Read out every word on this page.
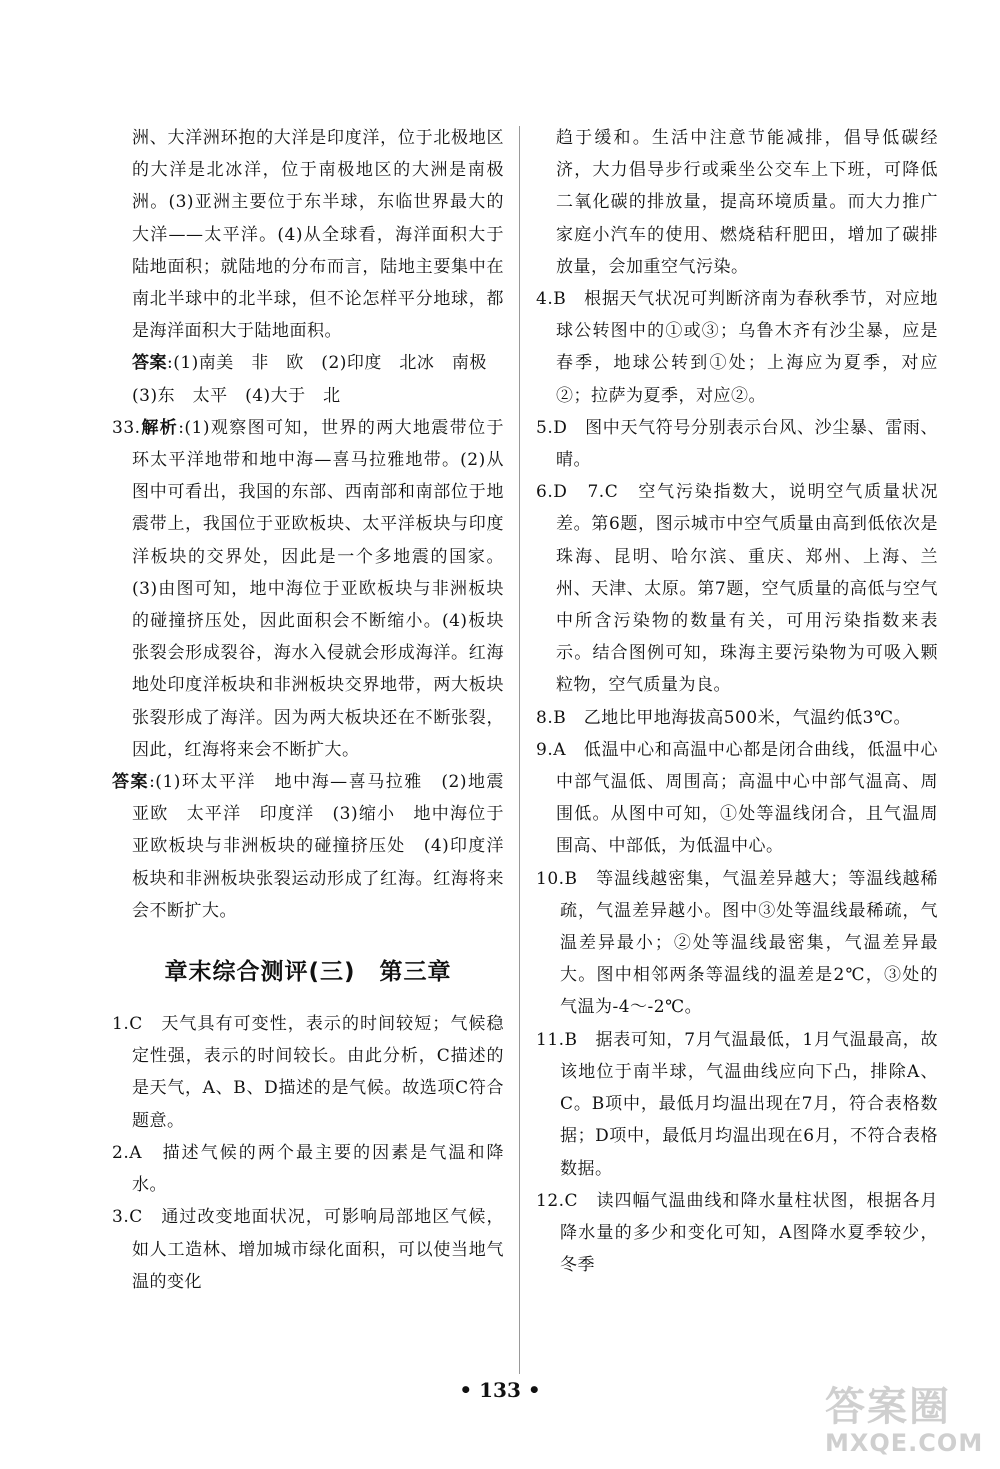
洲、大洋洲环抱的大洋是印度洋，位于北极地区的大洋是北冰洋，位于南极地区的大洲是南极洲。(3)亚洲主要位于东半球，东临世界最大的大洋——太平洋。(4)从全球看，海洋面积大于陆地面积；就陆地的分布而言，陆地主要集中在南北半球中的北半球，但不论怎样平分地球，都是海洋面积大于陆地面积。

答案:(1)南美　非　欧　(2)印度　北冰　南极

(3)东　太平　(4)大于　北

33.解析:(1)观察图可知，世界的两大地震带位于环太平洋地带和地中海—喜马拉雅地带。(2)从图中可看出，我国的东部、西南部和南部位于地震带上，我国位于亚欧板块、太平洋板块与印度洋板块的交界处，因此是一个多地震的国家。(3)由图可知，地中海位于亚欧板块与非洲板块的碰撞挤压处，因此面积会不断缩小。(4)板块张裂会形成裂谷，海水入侵就会形成海洋。红海地处印度洋板块和非洲板块交界地带，两大板块张裂形成了海洋。因为两大板块还在不断张裂，因此，红海将来会不断扩大。

答案:(1)环太平洋　地中海—喜马拉雅　(2)地震　亚欧　太平洋　印度洋　(3)缩小　地中海位于亚欧板块与非洲板块的碰撞挤压处　(4)印度洋板块和非洲板块张裂运动形成了红海。红海将来会不断扩大。

章末综合测评(三) 第三章

1.C　天气具有可变性，表示的时间较短；气候稳定性强，表示的时间较长。由此分析，C描述的是天气，A、B、D描述的是气候。故选项C符合题意。

2.A　描述气候的两个最主要的因素是气温和降水。

3.C　通过改变地面状况，可影响局部地区气候，如人工造林、增加城市绿化面积，可以使当地气温的变化

趋于缓和。生活中注意节能减排，倡导低碳经济，大力倡导步行或乘坐公交车上下班，可降低二氧化碳的排放量，提高环境质量。而大力推广家庭小汽车的使用、燃烧秸秆肥田，增加了碳排放量，会加重空气污染。

4.B　根据天气状况可判断济南为春秋季节，对应地球公转图中的①或③；乌鲁木齐有沙尘暴，应是春季，地球公转到①处；上海应为夏季，对应②；拉萨为夏季，对应②。

5.D　图中天气符号分别表示台风、沙尘暴、雷雨、晴。

6.D　7.C　空气污染指数大，说明空气质量状况差。第6题，图示城市中空气质量由高到低依次是珠海、昆明、哈尔滨、重庆、郑州、上海、兰州、天津、太原。第7题，空气质量的高低与空气中所含污染物的数量有关，可用污染指数来表示。结合图例可知，珠海主要污染物为可吸入颗粒物，空气质量为良。

8.B　乙地比甲地海拔高500米，气温约低3℃。

9.A　低温中心和高温中心都是闭合曲线，低温中心中部气温低、周围高；高温中心中部气温高、周围低。从图中可知，①处等温线闭合，且气温周围高、中部低，为低温中心。

10.B　等温线越密集，气温差异越大；等温线越稀疏，气温差异越小。图中③处等温线最稀疏，气温差异最小；②处等温线最密集，气温差异最大。图中相邻两条等温线的温差是2℃，③处的气温为-4～-2℃。

11.B　据表可知，7月气温最低，1月气温最高，故该地位于南半球，气温曲线应向下凸，排除A、C。B项中，最低月均温出现在7月，符合表格数据；D项中，最低月均温出现在6月，不符合表格数据。

12.C　读四幅气温曲线和降水量柱状图，根据各月降水量的多少和变化可知，A图降水夏季较少，冬季

• 133 •	答案圈
MXQE.COM
